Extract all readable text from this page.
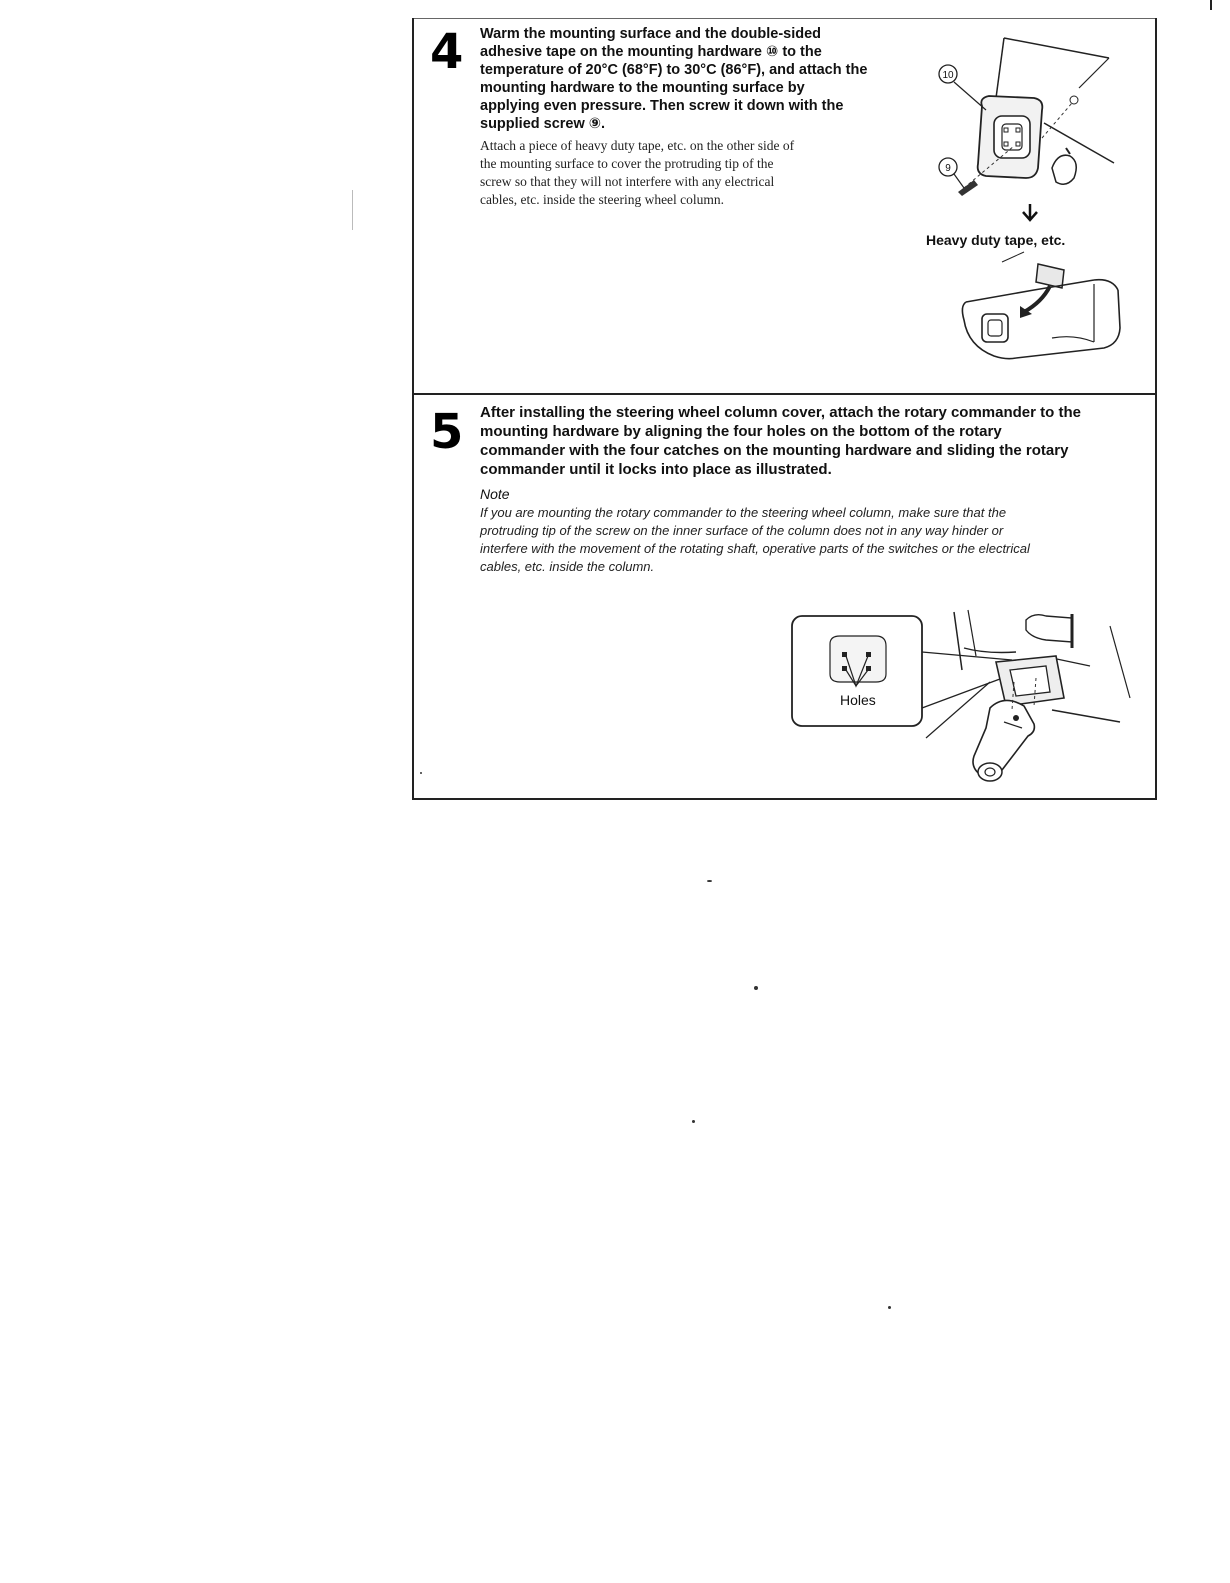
4 Warm the mounting surface and the double-sided

adhesive tape on the mounting hardware ⑩ to the

temperature of 20°C (68°F) to 30°C (86°F), and attach the

mounting hardware to the mounting surface by

applying even pressure. Then screw it down with the

supplied screw ⑨.

Attach a piece of heavy duty tape, etc. on the other side of

the mounting surface to cover the protruding tip of the

screw so that they will not interfere with any electrical

cables, etc. inside the steering wheel column.

10
9
Heavy duty tape, etc.
5 After installing the steering wheel column cover, attach the rotary commander to the

mounting hardware by aligning the four holes on the bottom of the rotary

commander with the four catches on the mounting hardware and sliding the rotary

commander until it locks into place as illustrated.

Note

If you are mounting the rotary commander to the steering wheel column, make sure that the

protruding tip of the screw on the inner surface of the column does not in any way hinder or

interfere with the movement of the rotating shaft, operative parts of the switches or the electrical

cables, etc. inside the column.

Holes
